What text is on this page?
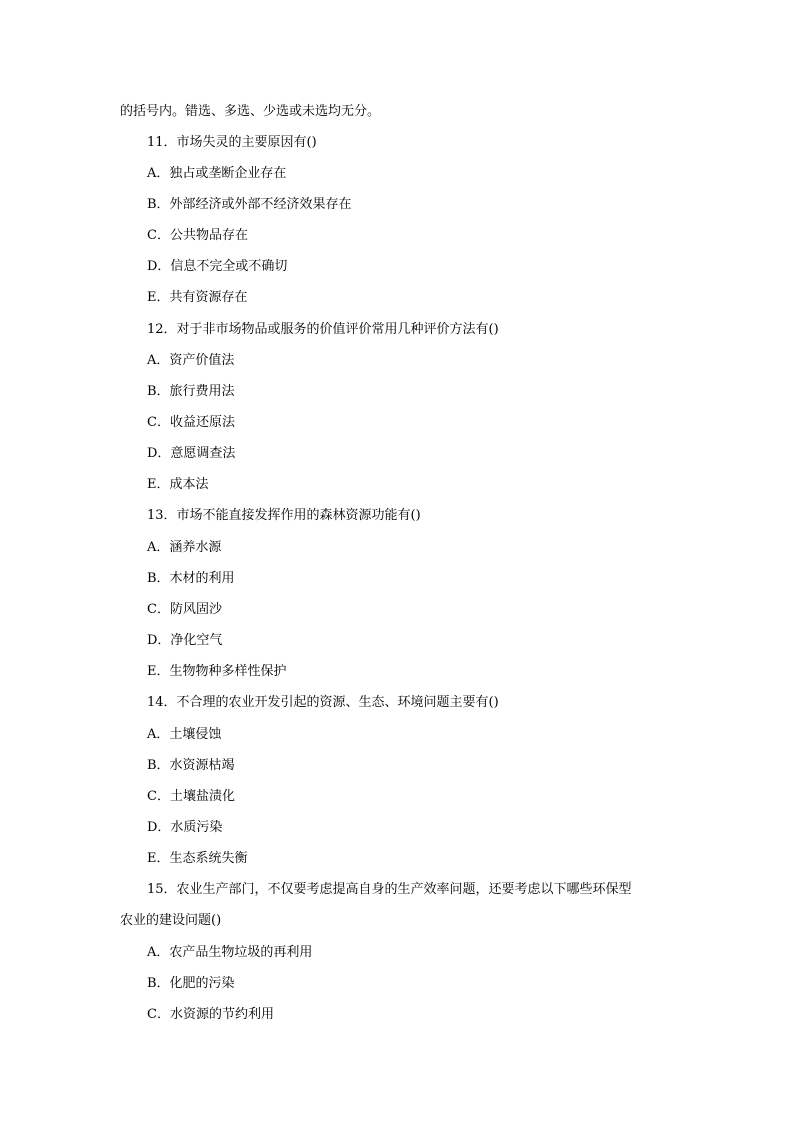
的括号内。错选、多选、少选或未选均无分。
11．市场失灵的主要原因有()
A．独占或垄断企业存在
B．外部经济或外部不经济效果存在
C．公共物品存在
D．信息不完全或不确切
E．共有资源存在
12．对于非市场物品或服务的价值评价常用几种评价方法有()
A．资产价值法
B．旅行费用法
C．收益还原法
D．意愿调查法
E．成本法
13．市场不能直接发挥作用的森林资源功能有()
A．涵养水源
B．木材的利用
C．防风固沙
D．净化空气
E．生物物种多样性保护
14．不合理的农业开发引起的资源、生态、环境问题主要有()
A．土壤侵蚀
B．水资源枯竭
C．土壤盐渍化
D．水质污染
E．生态系统失衡
15．农业生产部门，不仅要考虑提高自身的生产效率问题，还要考虑以下哪些环保型
农业的建设问题()
A．农产品生物垃圾的再利用
B．化肥的污染
C．水资源的节约利用
